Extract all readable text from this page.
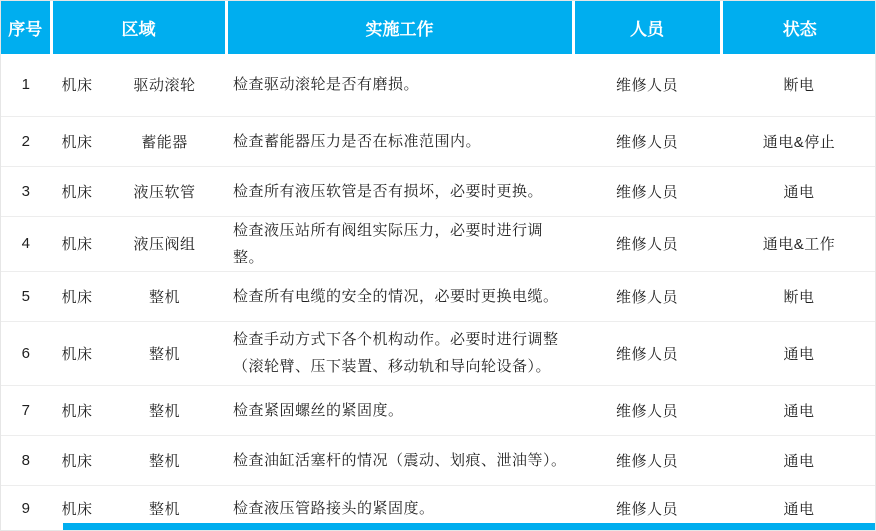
序号	区域		实施工作	人员	状态
1	机床	驱动滚轮	检查驱动滚轮是否有磨损。	维修人员	断电
2	机床	蓄能器	检查蓄能器压力是否在标准范围内。	维修人员	通电&停止
3	机床	液压软管	检查所有液压软管是否有损坏，必要时更换。	维修人员	通电
4	机床	液压阀组	检查液压站所有阀组实际压力，必要时进行调整。	维修人员	通电&工作
5	机床	整机	检查所有电缆的安全的情况，必要时更换电缆。	维修人员	断电
6	机床	整机	检查手动方式下各个机构动作。必要时进行调整（滚轮臂、压下装置、移动轨和导向轮设备）。	维修人员	通电
7	机床	整机	检查紧固螺丝的紧固度。	维修人员	通电
8	机床	整机	检查油缸活塞杆的情况（震动、划痕、泄油等）。	维修人员	通电
9	机床	整机	检查液压管路接头的紧固度。	维修人员	通电
